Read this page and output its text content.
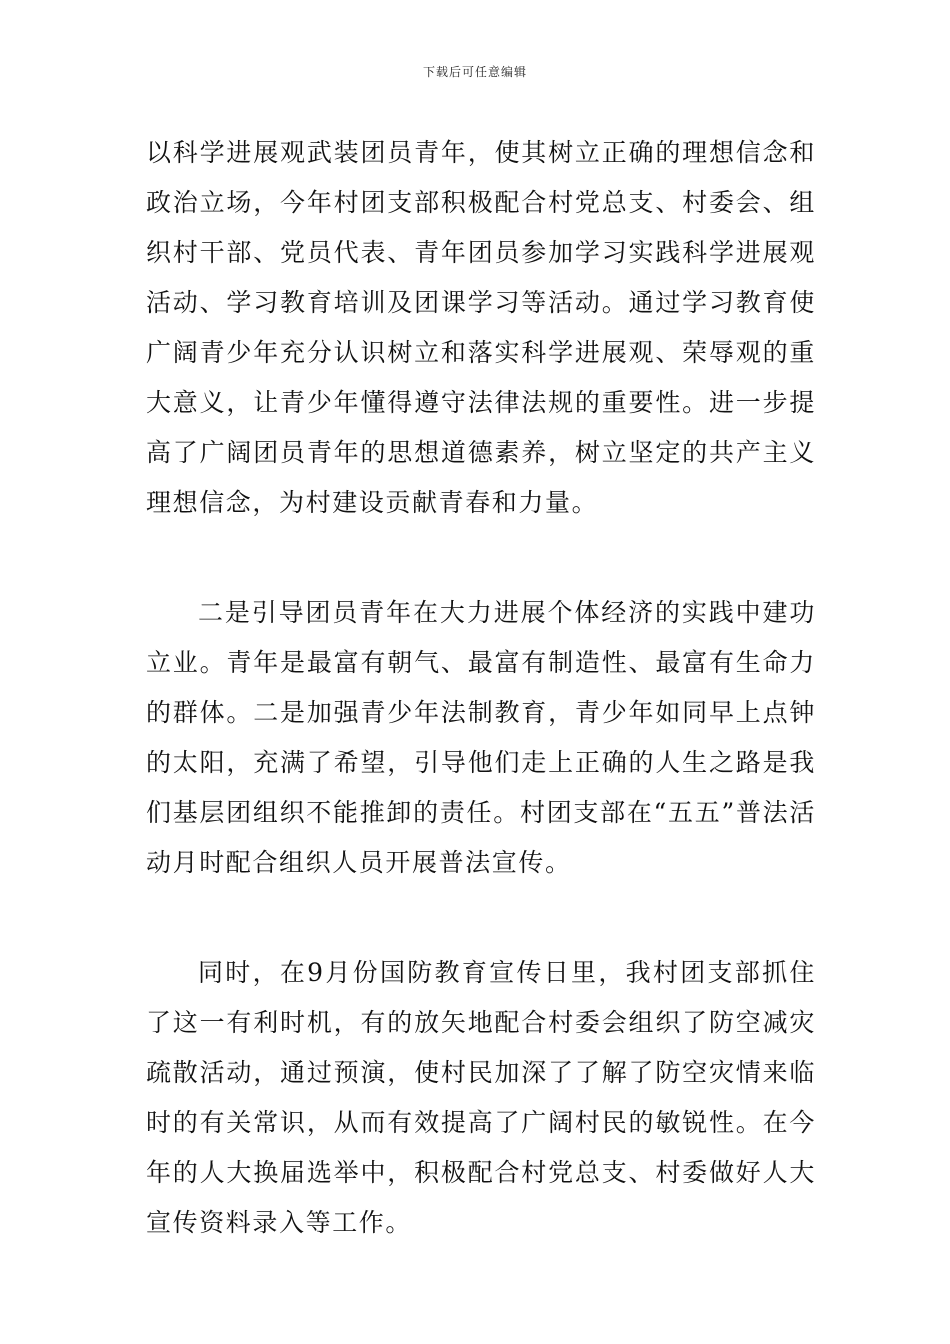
下载后可任意编辑

以科学进展观武装团员青年，使其树立正确的理想信念和政治立场，今年村团支部积极配合村党总支、村委会、组织村干部、党员代表、青年团员参加学习实践科学进展观活动、学习教育培训及团课学习等活动。通过学习教育使广阔青少年充分认识树立和落实科学进展观、荣辱观的重大意义，让青少年懂得遵守法律法规的重要性。进一步提高了广阔团员青年的思想道德素养，树立坚定的共产主义理想信念，为村建设贡献青春和力量。

二是引导团员青年在大力进展个体经济的实践中建功立业。青年是最富有朝气、最富有制造性、最富有生命力的群体。二是加强青少年法制教育，青少年如同早上点钟的太阳，充满了希望，引导他们走上正确的人生之路是我们基层团组织不能推卸的责任。村团支部在“五五”普法活动月时配合组织人员开展普法宣传。

同时，在9月份国防教育宣传日里，我村团支部抓住了这一有利时机，有的放矢地配合村委会组织了防空减灾疏散活动，通过预演，使村民加深了了解了防空灾情来临时的有关常识，从而有效提高了广阔村民的敏锐性。在今年的人大换届选举中，积极配合村党总支、村委做好人大宣传资料录入等工作。
